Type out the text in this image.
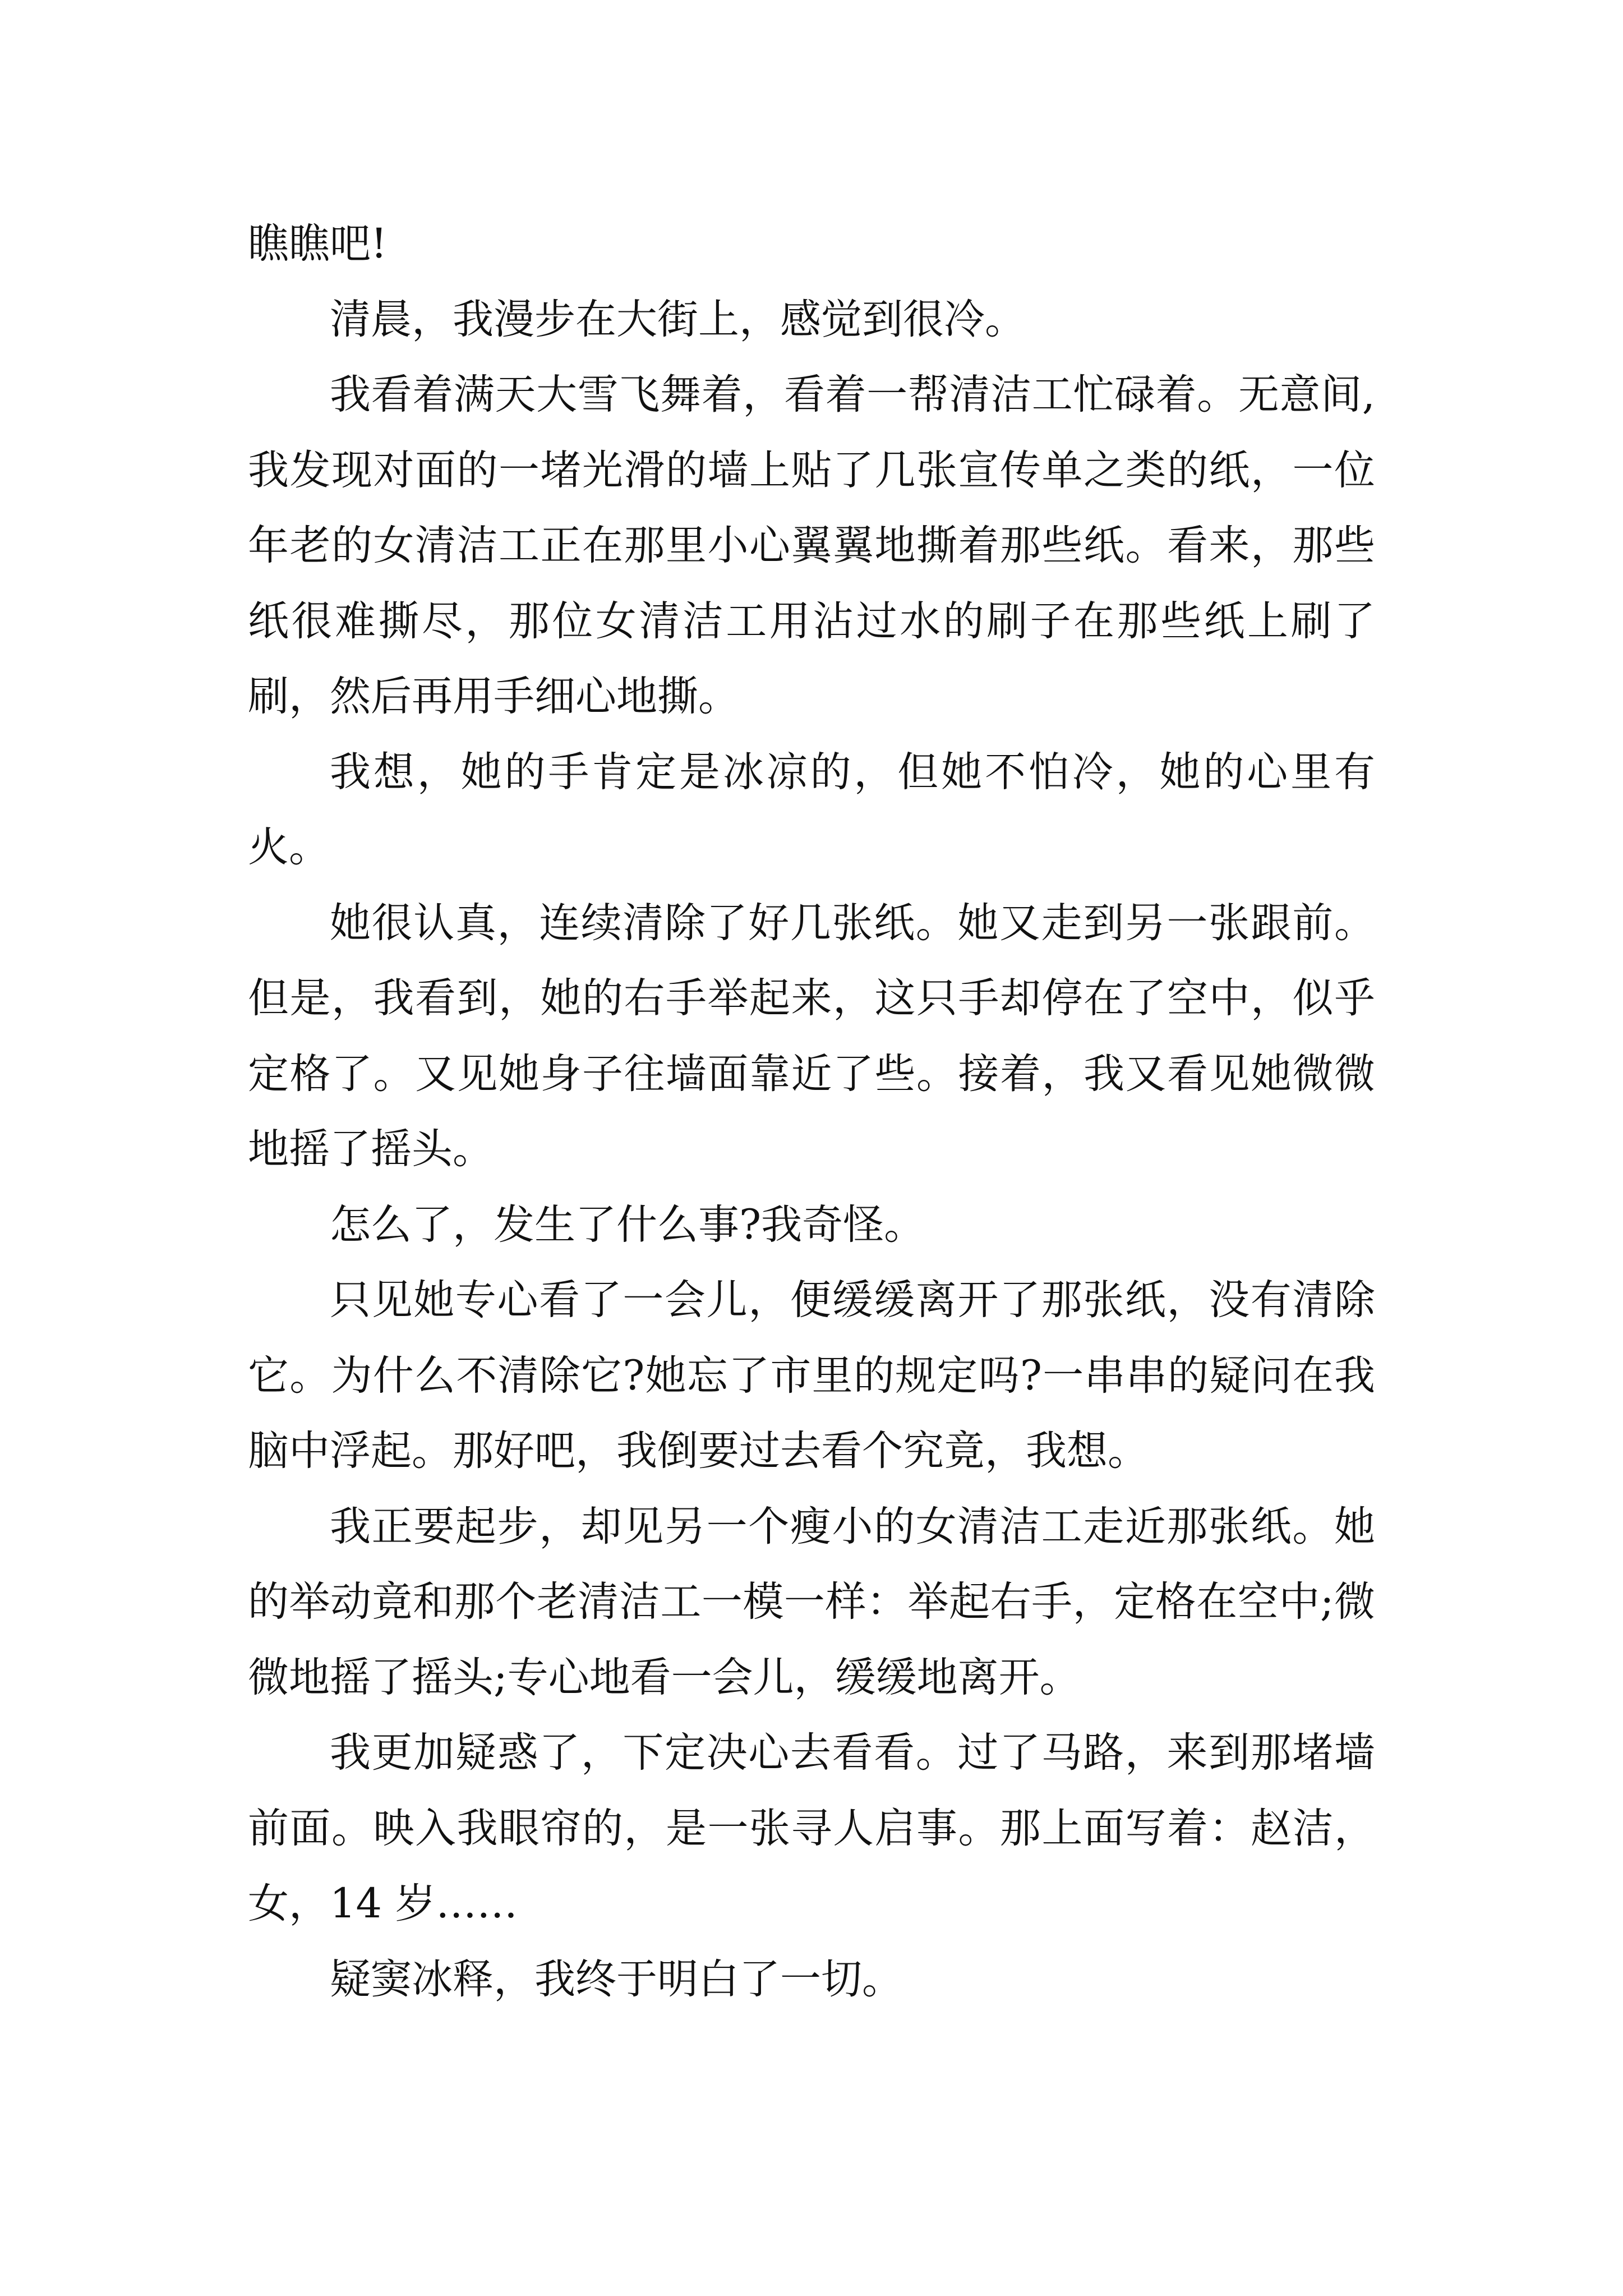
瞧瞧吧!

清晨，我漫步在大街上，感觉到很冷。

我看着满天大雪飞舞着，看着一帮清洁工忙碌着。无意间,我发现对面的一堵光滑的墙上贴了几张宣传单之类的纸，一位年老的女清洁工正在那里小心翼翼地撕着那些纸。看来，那些纸很难撕尽，那位女清洁工用沾过水的刷子在那些纸上刷了刷，然后再用手细心地撕。

我想，她的手肯定是冰凉的，但她不怕冷，她的心里有火。

她很认真，连续清除了好几张纸。她又走到另一张跟前。但是，我看到，她的右手举起来，这只手却停在了空中，似乎定格了。又见她身子往墙面靠近了些。接着，我又看见她微微地摇了摇头。

怎么了，发生了什么事?我奇怪。

只见她专心看了一会儿，便缓缓离开了那张纸，没有清除它。为什么不清除它?她忘了市里的规定吗?一串串的疑问在我脑中浮起。那好吧，我倒要过去看个究竟，我想。

我正要起步，却见另一个瘦小的女清洁工走近那张纸。她的举动竟和那个老清洁工一模一样：举起右手，定格在空中;微微地摇了摇头;专心地看一会儿，缓缓地离开。

我更加疑惑了，下定决心去看看。过了马路，来到那堵墙前面。映入我眼帘的，是一张寻人启事。那上面写着：赵洁，女，14 岁……

疑窦冰释，我终于明白了一切。
